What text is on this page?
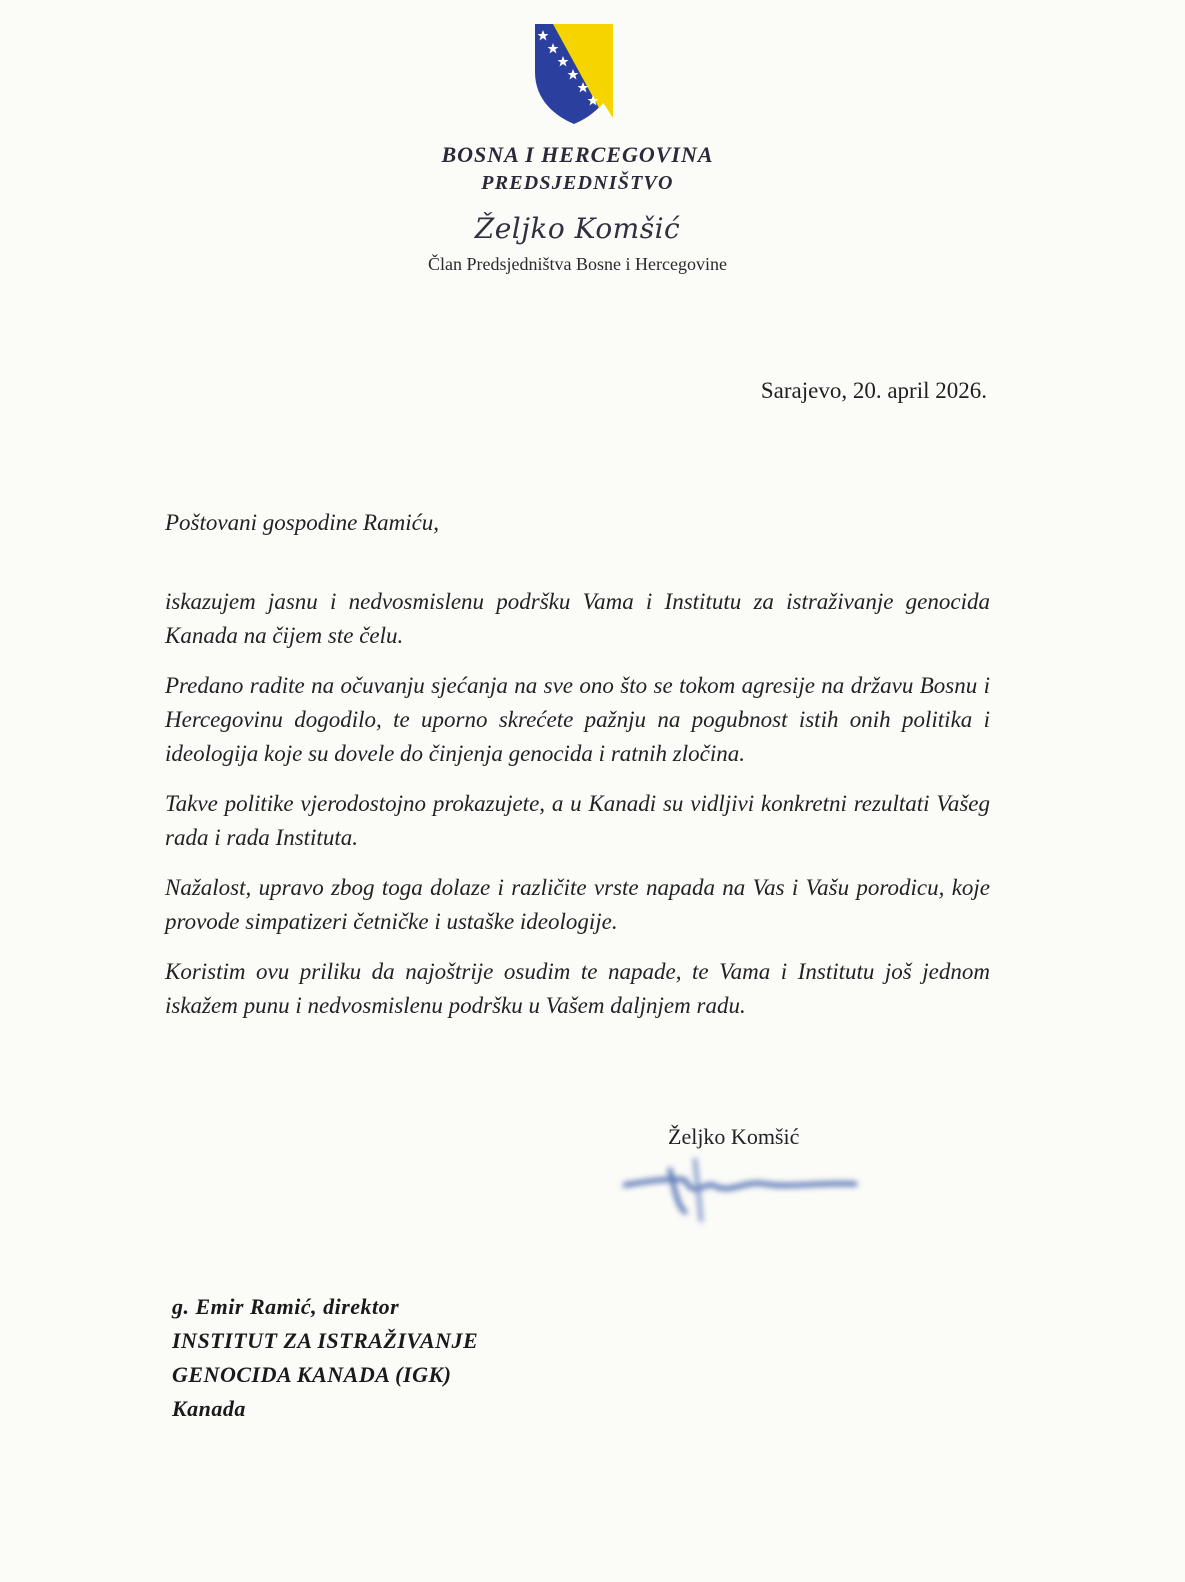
BOSNA I HERCEGOVINA
PREDSJEDNIŠTVO
Željko Komšić
Član Predsjedništva Bosne i Hercegovine
Sarajevo, 20. april 2026.
Poštovani gospodine Ramiću,

iskazujem jasnu i nedvosmislenu podršku Vama i Institutu za istraživanje genocida Kanada na čijem ste čelu.

Predano radite na očuvanju sjećanja na sve ono što se tokom agresije na državu Bosnu i Hercegovinu dogodilo, te uporno skrećete pažnju na pogubnost istih onih politika i ideologija koje su dovele do činjenja genocida i ratnih zločina.

Takve politike vjerodostojno prokazujete, a u Kanadi su vidljivi konkretni rezultati Vašeg rada i rada Instituta.

Nažalost, upravo zbog toga dolaze i različite vrste napada na Vas i Vašu porodicu, koje provode simpatizeri četničke i ustaške ideologije.

Koristim ovu priliku da najoštrije osudim te napade, te Vama i Institutu još jednom iskažem punu i nedvosmislenu podršku u Vašem daljnjem radu.

Željko Komšić
g. Emir Ramić, direktor
INSTITUT ZA ISTRAŽIVANJE
GENOCIDA KANADA (IGK)
Kanada
